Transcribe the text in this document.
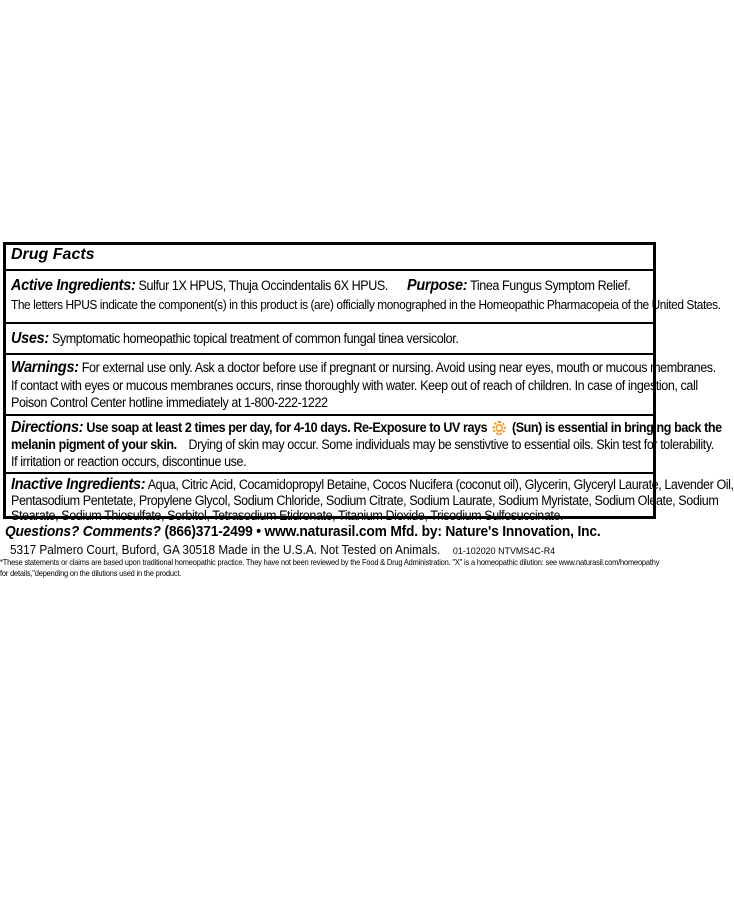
Drug Facts
Active Ingredients: Sulfur 1X HPUS, Thuja Occindentalis 6X HPUS. Purpose: Tinea Fungus Symptom Relief.
The letters HPUS indicate the component(s) in this product is (are) officially monographed in the Homeopathic Pharmacopeia of the United States.
Uses: Symptomatic homeopathic topical treatment of common fungal tinea versicolor.
Warnings: For external use only. Ask a doctor before use if pregnant or nursing. Avoid using near eyes, mouth or mucous membranes.
If contact with eyes or mucous membranes occurs, rinse thoroughly with water. Keep out of reach of children. In case of ingestion, call
Poison Control Center hotline immediately at 1-800-222-1222
Directions: Use soap at least 2 times per day, for 4-10 days. Re-Exposure to UV rays (Sun) is essential in bringing back the
melanin pigment of your skin. Drying of skin may occur. Some individuals may be senstivtive to essential oils. Skin test for tolerability.
If irritation or reaction occurs, discontinue use.
Inactive Ingredients: Aqua, Citric Acid, Cocamidopropyl Betaine, Cocos Nucifera (coconut oil), Glycerin, Glyceryl Laurate, Lavender Oil,
Pentasodium Pentetate, Propylene Glycol, Sodium Chloride, Sodium Citrate, Sodium Laurate, Sodium Myristate, Sodium Oleate, Sodium
Stearate, Sodium Thiosulfate, Sorbitol, Tetrasodium Etidronate, Titanium Dioxide, Trisodium Sulfosuccinate.
Questions? Comments? (866)371-2499 • www.naturasil.com Mfd. by: Nature's Innovation, Inc.
5317 Palmero Court, Buford, GA 30518 Made in the U.S.A. Not Tested on Animals. 01-102020 NTVMS4C-R4
*These statements or claims are based upon traditional homeopathic practice. They have not been reviewed by the Food & Drug Administration. "X" is a homeopathic dilution: see www.naturasil.com/homeopathy
for details,"depending on the dilutions used in the product.
